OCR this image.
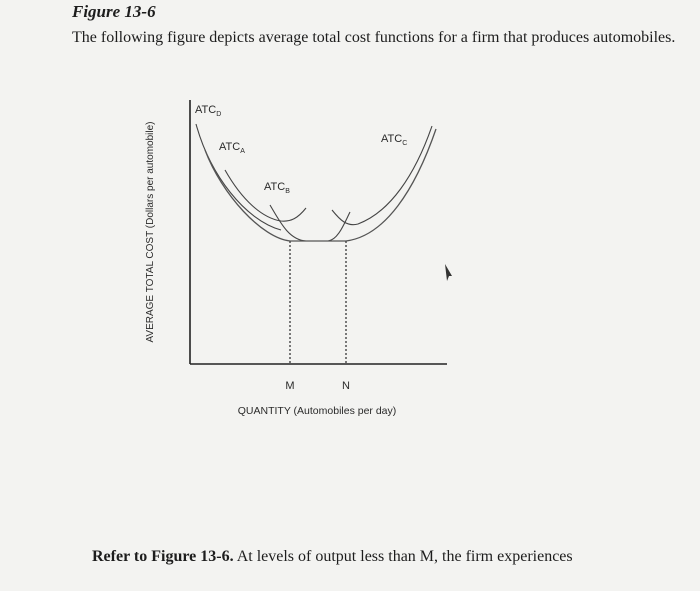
Figure 13-6
The following figure depicts average total cost functions for a firm that produces automobiles.
$ATC_D$
$ATC_A$
$ATC_B$
$ATC_C$
M	N
QUANTITY (Automobiles per day)
AVERAGE TOTAL COST (Dollars per automobile)
Refer to Figure 13-6. At levels of output less than M, the firm experiences
